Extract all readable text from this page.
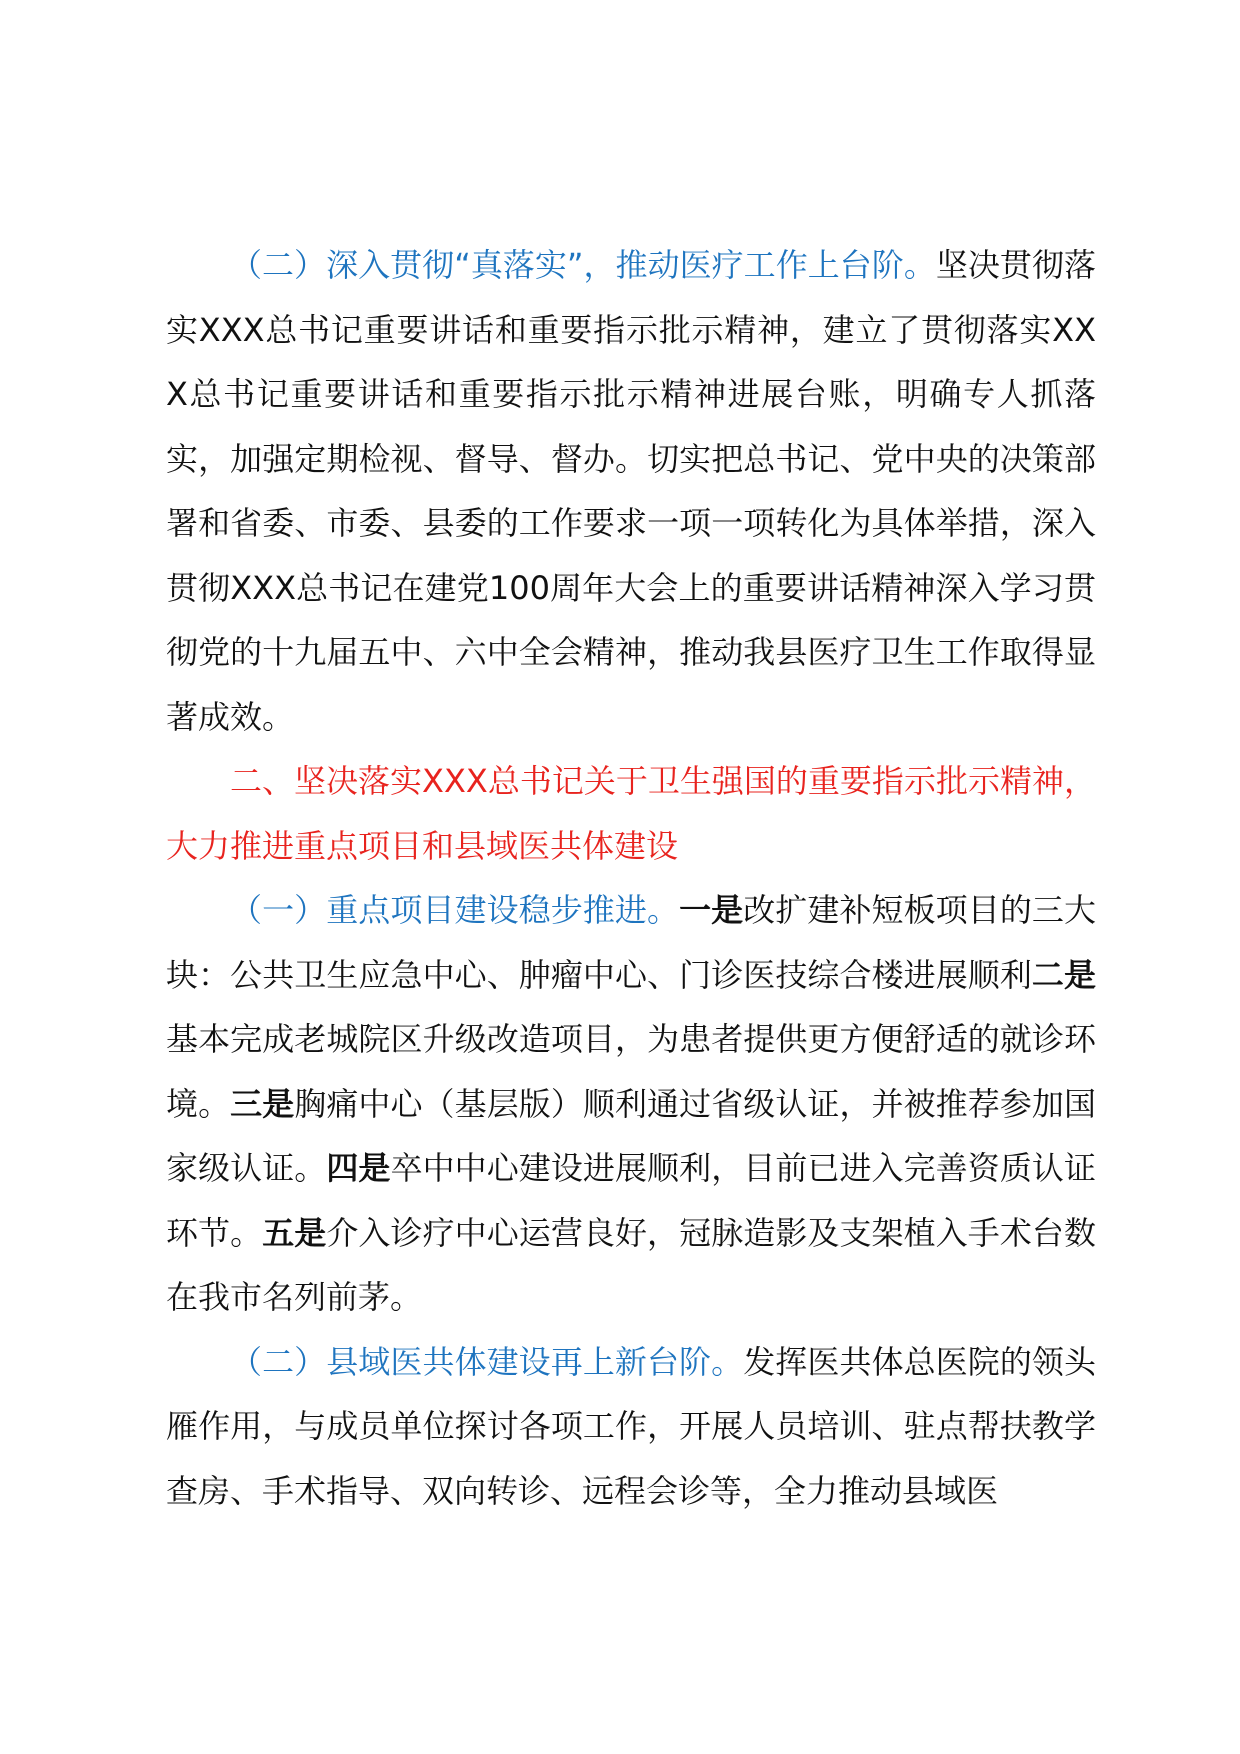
（二）深入贯彻“真落实”，推动医疗工作上台阶。坚决贯彻落实XXX总书记重要讲话和重要指示批示精神，建立了贯彻落实XXX总书记重要讲话和重要指示批示精神进展台账，明确专人抓落实，加强定期检视、督导、督办。切实把总书记、党中央的决策部署和省委、市委、县委的工作要求一项一项转化为具体举措，深入贯彻XXX总书记在建党100周年大会上的重要讲话精神深入学习贯彻党的十九届五中、六中全会精神，推动我县医疗卫生工作取得显著成效。

二、坚决落实XXX总书记关于卫生强国的重要指示批示精神，大力推进重点项目和县域医共体建设

（一）重点项目建设稳步推进。一是改扩建补短板项目的三大块：公共卫生应急中心、肿瘤中心、门诊医技综合楼进展顺利二是基本完成老城院区升级改造项目，为患者提供更方便舒适的就诊环境。三是胸痛中心（基层版）顺利通过省级认证，并被推荐参加国家级认证。四是卒中中心建设进展顺利，目前已进入完善资质认证环节。五是介入诊疗中心运营良好，冠脉造影及支架植入手术台数在我市名列前茅。

（二）县域医共体建设再上新台阶。发挥医共体总医院的领头雁作用，与成员单位探讨各项工作，开展人员培训、驻点帮扶教学查房、手术指导、双向转诊、远程会诊等，全力推动县域医
